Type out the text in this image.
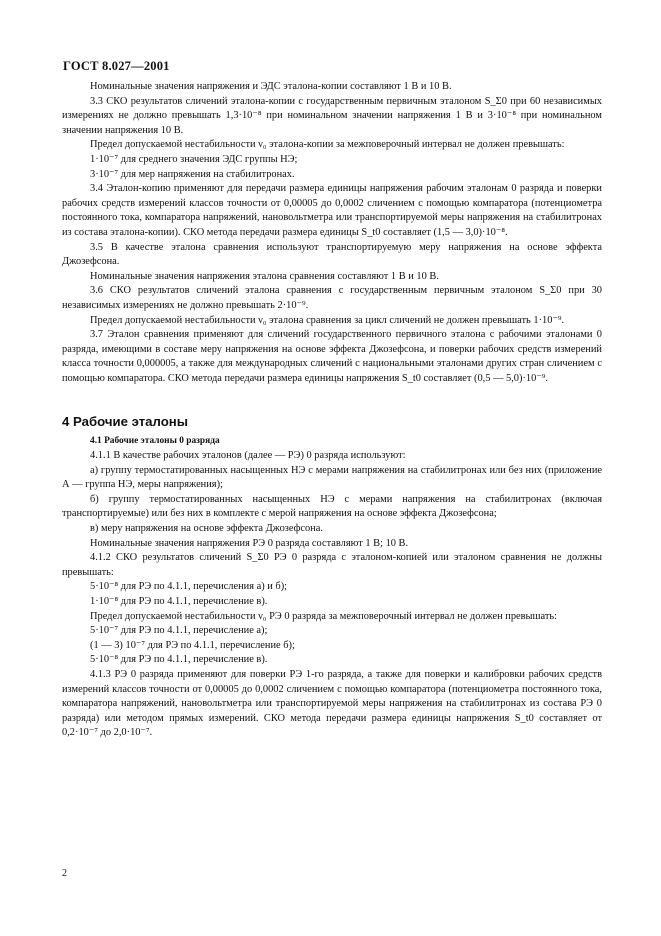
ГОСТ 8.027—2001

Номинальные значения напряжения и ЭДС эталона-копии составляют 1 В и 10 В.

3.3 СКО результатов сличений эталона-копии с государственным первичным эталоном S_Σ0 при 60 независимых измерениях не должно превышать 1,3·10⁻⁸ при номинальном значении напряжения 1 В и 3·10⁻⁸ при номинальном значении напряжения 10 В.

Предел допускаемой нестабильности ν₀ эталона-копии за межповерочный интервал не должен превышать:

1·10⁻⁷ для среднего значения ЭДС группы НЭ;

3·10⁻⁷ для мер напряжения на стабилитронах.

3.4 Эталон-копию применяют для передачи размера единицы напряжения рабочим эталонам 0 разряда и поверки рабочих средств измерений классов точности от 0,00005 до 0,0002 сличением с помощью компаратора (потенциометра постоянного тока, компаратора напряжений, нановольтметра или транспортируемой меры напряжения на стабилитронах из состава эталона-копии). СКО метода передачи размера единицы S_t0 составляет (1,5 — 3,0)·10⁻⁸.

3.5 В качестве эталона сравнения используют транспортируемую меру напряжения на основе эффекта Джозефсона.

Номинальные значения напряжения эталона сравнения составляют 1 В и 10 В.

3.6 СКО результатов сличений эталона сравнения с государственным первичным эталоном S_Σ0 при 30 независимых измерениях не должно превышать 2·10⁻⁹.

Предел допускаемой нестабильности ν₀ эталона сравнения за цикл сличений не должен превышать 1·10⁻⁹.

3.7 Эталон сравнения применяют для сличений государственного первичного эталона с рабочими эталонами 0 разряда, имеющими в составе меру напряжения на основе эффекта Джозефсона, и поверки рабочих средств измерений класса точности 0,000005, а также для международных сличений с национальными эталонами других стран сличением с помощью компаратора. СКО метода передачи размера единицы напряжения S_t0 составляет (0,5 — 5,0)·10⁻⁹.

4 Рабочие эталоны

4.1 Рабочие эталоны 0 разряда

4.1.1 В качестве рабочих эталонов (далее — РЭ) 0 разряда используют:

а) группу термостатированных насыщенных НЭ с мерами напряжения на стабилитронах или без них (приложение А — группа НЭ, меры напряжения);

б) группу термостатированных насыщенных НЭ с мерами напряжения на стабилитронах (включая транспортируемые) или без них в комплекте с мерой напряжения на основе эффекта Джозефсона;

в) меру напряжения на основе эффекта Джозефсона.

Номинальные значения напряжения РЭ 0 разряда составляют 1 В; 10 В.

4.1.2 СКО результатов сличений S_Σ0 РЭ 0 разряда с эталоном-копией или эталоном сравнения не должны превышать:

5·10⁻⁸ для РЭ по 4.1.1, перечисления а) и б);

1·10⁻⁸ для РЭ по 4.1.1, перечисление в).

Предел допускаемой нестабильности ν₀ РЭ 0 разряда за межповерочный интервал не должен превышать:

5·10⁻⁷ для РЭ по 4.1.1, перечисление а);

(1 — 3) 10⁻⁷ для РЭ по 4.1.1, перечисление б);

5·10⁻⁸ для РЭ по 4.1.1, перечисление в).

4.1.3 РЭ 0 разряда применяют для поверки РЭ 1-го разряда, а также для поверки и калибровки рабочих средств измерений классов точности от 0,00005 до 0,0002 сличением с помощью компаратора (потенциометра постоянного тока, компаратора напряжений, нановольтметра или транспортируемой меры напряжения на стабилитронах из состава РЭ 0 разряда) или методом прямых измерений. СКО метода передачи размера единицы напряжения S_t0 составляет от 0,2·10⁻⁷ до 2,0·10⁻⁷.

2
